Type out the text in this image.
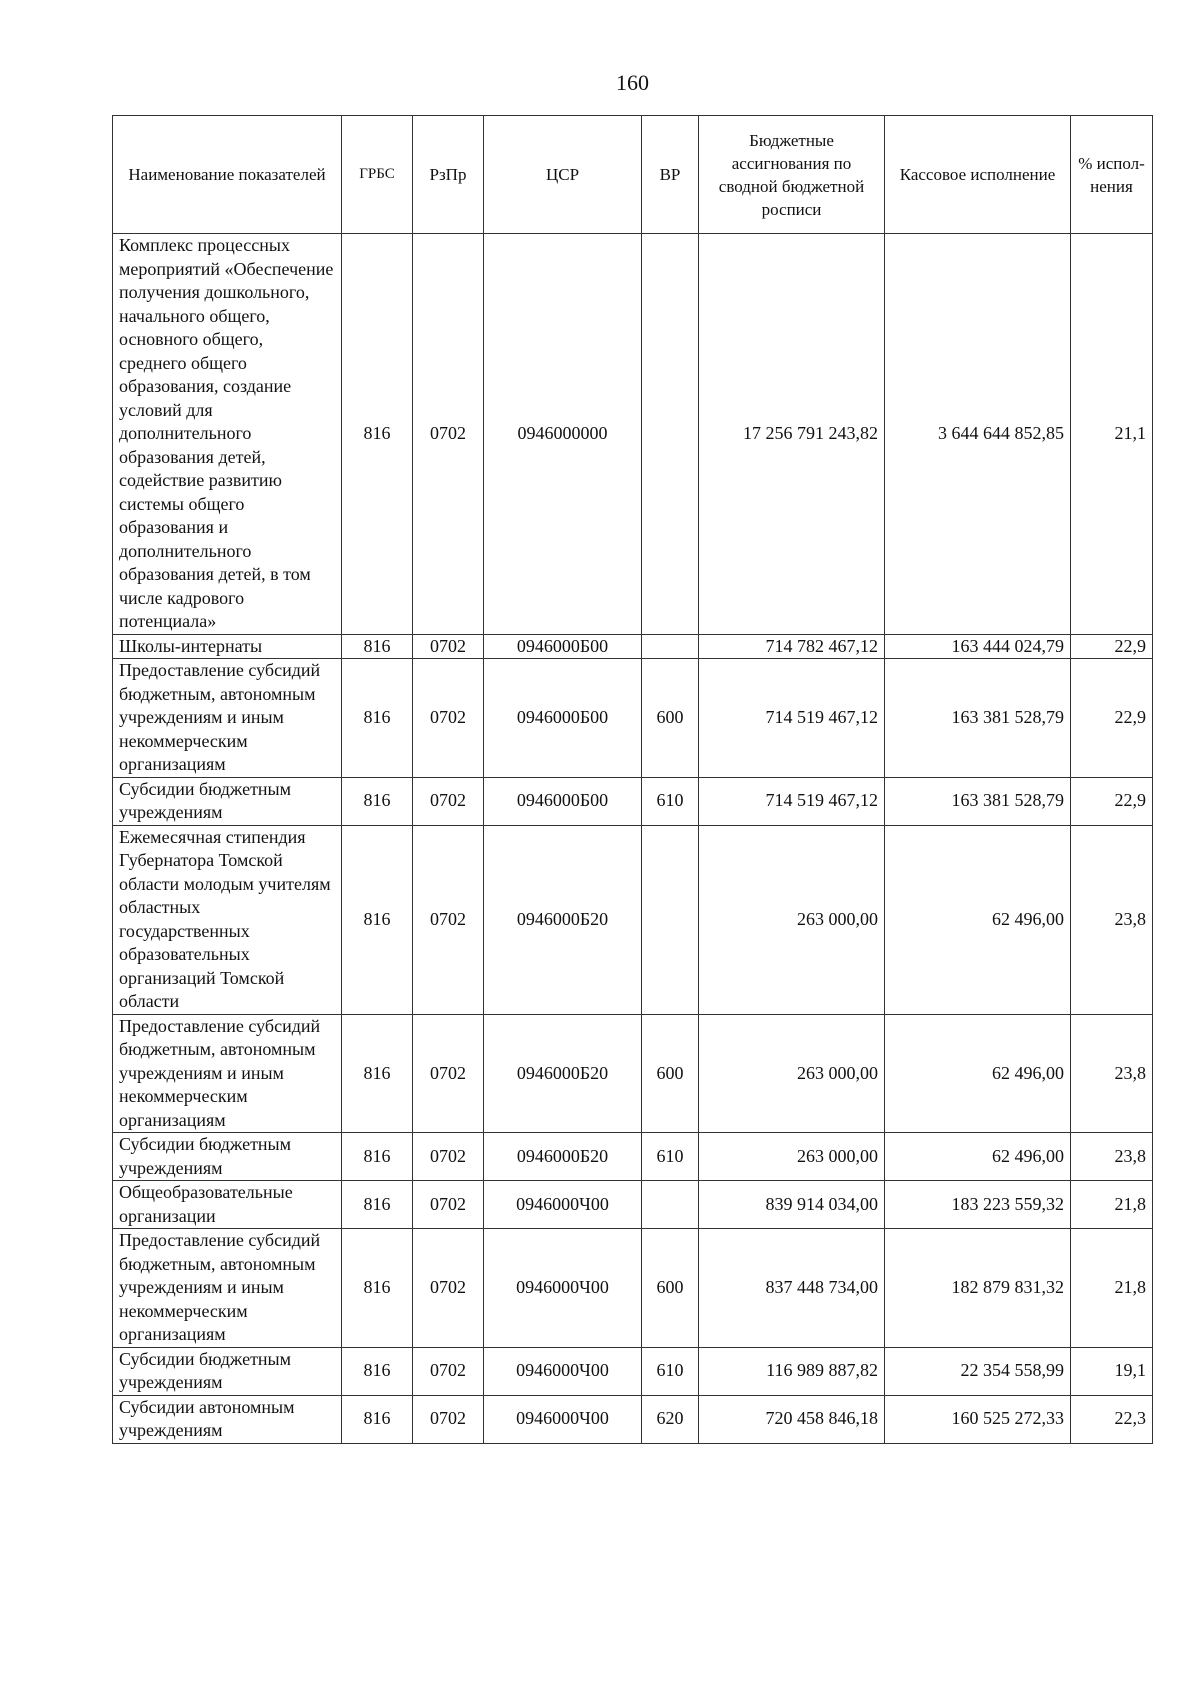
160
Наименование показателей	ГРБС	РзПр	ЦСР	ВР	Бюджетные ассигнования по сводной бюджетной росписи	Кассовое исполнение	% испол-нения
Комплекс процессных мероприятий «Обеспечение получения дошкольного, начального общего, основного общего, среднего общего образования, создание условий для дополнительного образования детей, содействие развитию системы общего образования и дополнительного образования детей, в том числе кадрового потенциала»	816	0702	0946000000		17 256 791 243,82	3 644 644 852,85	21,1
Школы-интернаты	816	0702	0946000Б00		714 782 467,12	163 444 024,79	22,9
Предоставление субсидий бюджетным, автономным учреждениям и иным некоммерческим организациям	816	0702	0946000Б00	600	714 519 467,12	163 381 528,79	22,9
Субсидии бюджетным учреждениям	816	0702	0946000Б00	610	714 519 467,12	163 381 528,79	22,9
Ежемесячная стипендия Губернатора Томской области молодым учителям областных государственных образовательных организаций Томской области	816	0702	0946000Б20		263 000,00	62 496,00	23,8
Предоставление субсидий бюджетным, автономным учреждениям и иным некоммерческим организациям	816	0702	0946000Б20	600	263 000,00	62 496,00	23,8
Субсидии бюджетным учреждениям	816	0702	0946000Б20	610	263 000,00	62 496,00	23,8
Общеобразовательные организации	816	0702	0946000Ч00		839 914 034,00	183 223 559,32	21,8
Предоставление субсидий бюджетным, автономным учреждениям и иным некоммерческим организациям	816	0702	0946000Ч00	600	837 448 734,00	182 879 831,32	21,8
Субсидии бюджетным учреждениям	816	0702	0946000Ч00	610	116 989 887,82	22 354 558,99	19,1
Субсидии автономным учреждениям	816	0702	0946000Ч00	620	720 458 846,18	160 525 272,33	22,3
